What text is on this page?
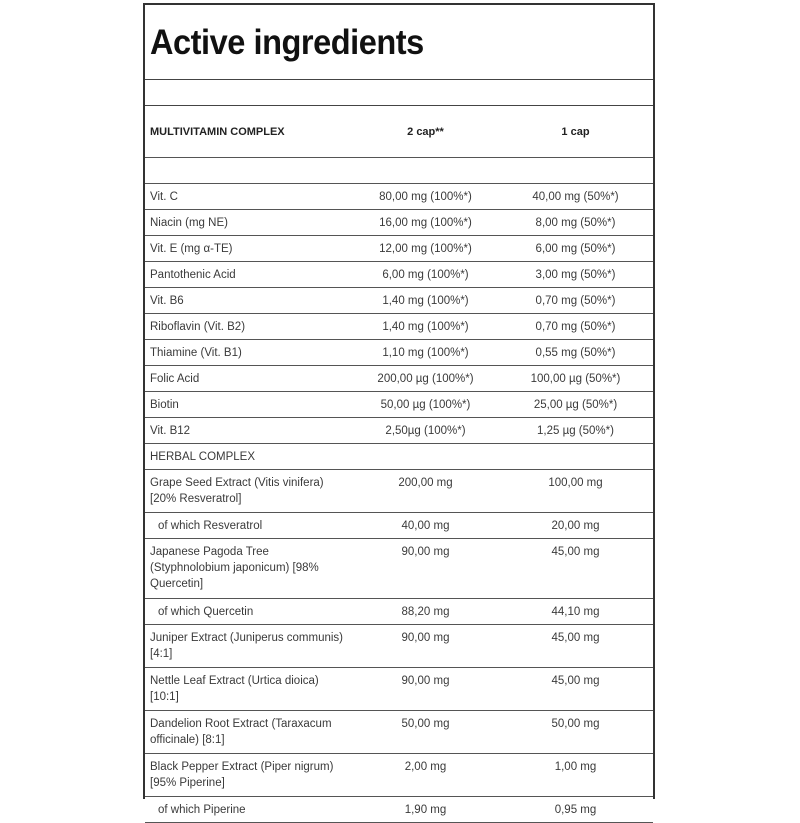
Active ingredients
MULTIVITAMIN COMPLEX	2 cap**	1 cap

Vit. C	80,00 mg (100%*)	40,00 mg (50%*)
Niacin (mg NE)	16,00 mg (100%*)	8,00 mg (50%*)
Vit. E (mg α-TE)	12,00 mg (100%*)	6,00 mg (50%*)
Pantothenic Acid	6,00 mg (100%*)	3,00 mg (50%*)
Vit. B6	1,40 mg (100%*)	0,70 mg (50%*)
Riboflavin (Vit. B2)	1,40 mg (100%*)	0,70 mg (50%*)
Thiamine (Vit. B1)	1,10 mg (100%*)	0,55 mg (50%*)
Folic Acid	200,00 µg (100%*)	100,00 µg (50%*)
Biotin	50,00 µg (100%*)	25,00 µg (50%*)
Vit. B12	2,50µg (100%*)	1,25 µg (50%*)
HERBAL COMPLEX		
Grape Seed Extract (Vitis vinifera) [20% Resveratrol]	200,00 mg	100,00 mg
of which Resveratrol	40,00 mg	20,00 mg
Japanese Pagoda Tree (Styphnolobium japonicum) [98% Quercetin]	90,00 mg	45,00 mg
of which Quercetin	88,20 mg	44,10 mg
Juniper Extract (Juniperus communis) [4:1]	90,00 mg	45,00 mg
Nettle Leaf Extract (Urtica dioica) [10:1]	90,00 mg	45,00 mg
Dandelion Root Extract (Taraxacum officinale) [8:1]	50,00 mg	50,00 mg
Black Pepper Extract (Piper nigrum) [95% Piperine]	2,00 mg	1,00 mg
of which Piperine	1,90 mg	0,95 mg
